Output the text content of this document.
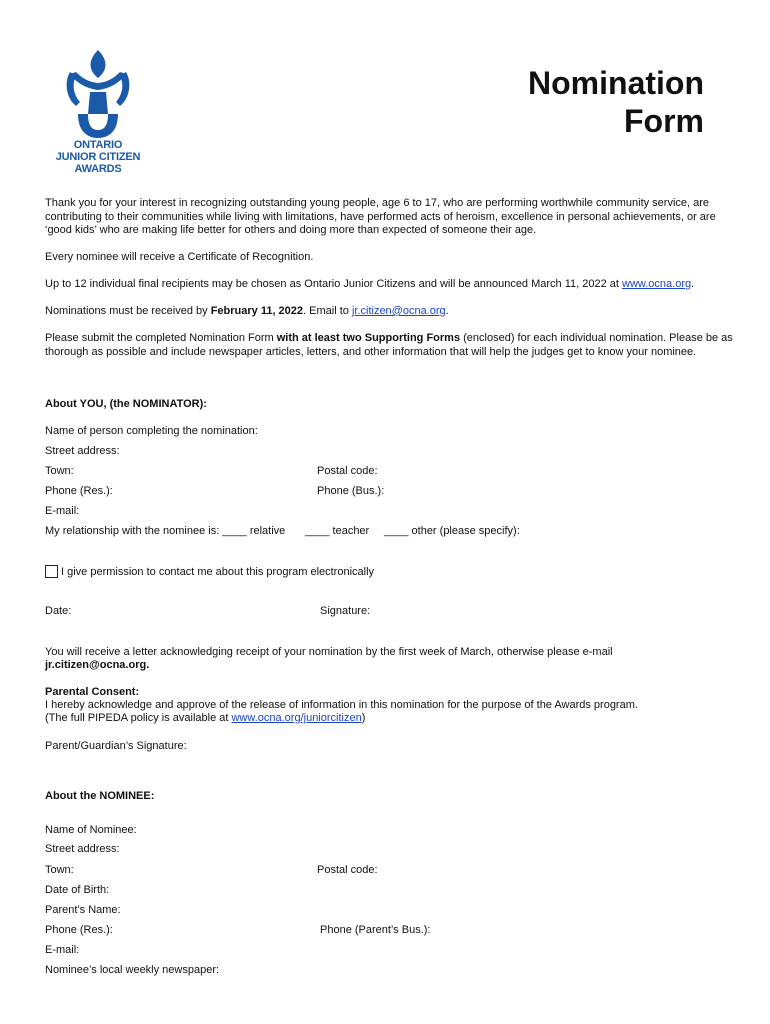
ONTARIO
JUNIOR CITIZEN
AWARDS
Nomination
Form
Thank you for your interest in recognizing outstanding young people, age 6 to 17, who are performing worthwhile community service, are contributing to their communities while living with limitations, have performed acts of heroism, excellence in personal achievements, or are ‘good kids’ who are making life better for others and doing more than expected of someone their age.
Every nominee will receive a Certificate of Recognition.
Up to 12 individual final recipients may be chosen as Ontario Junior Citizens and will be announced March 11, 2022 at www.ocna.org.
Nominations must be received by February 11, 2022. Email to jr.citizen@ocna.org.
Please submit the completed Nomination Form with at least two Supporting Forms (enclosed) for each individual nomination. Please be as thorough as possible and include newspaper articles, letters, and other information that will help the judges get to know your nominee.
About YOU, (the NOMINATOR):
Name of person completing the nomination:
Street address:
Town:	Postal code:
Phone (Res.):	Phone (Bus.):
E-mail:
My relationship with the nominee is: ____ relative ____ teacher ____ other (please specify):
I give permission to contact me about this program electronically
Date:	Signature:
You will receive a letter acknowledging receipt of your nomination by the first week of March, otherwise please e-mail
jr.citizen@ocna.org.
Parental Consent:
I hereby acknowledge and approve of the release of information in this nomination for the purpose of the Awards program.
(The full PIPEDA policy is available at www.ocna.org/juniorcitizen)
Parent/Guardian’s Signature:
About the NOMINEE:
Name of Nominee:
Street address:
Town:	Postal code:
Date of Birth:
Parent’s Name:
Phone (Res.):	Phone (Parent’s Bus.):
E-mail:
Nominee’s local weekly newspaper:
